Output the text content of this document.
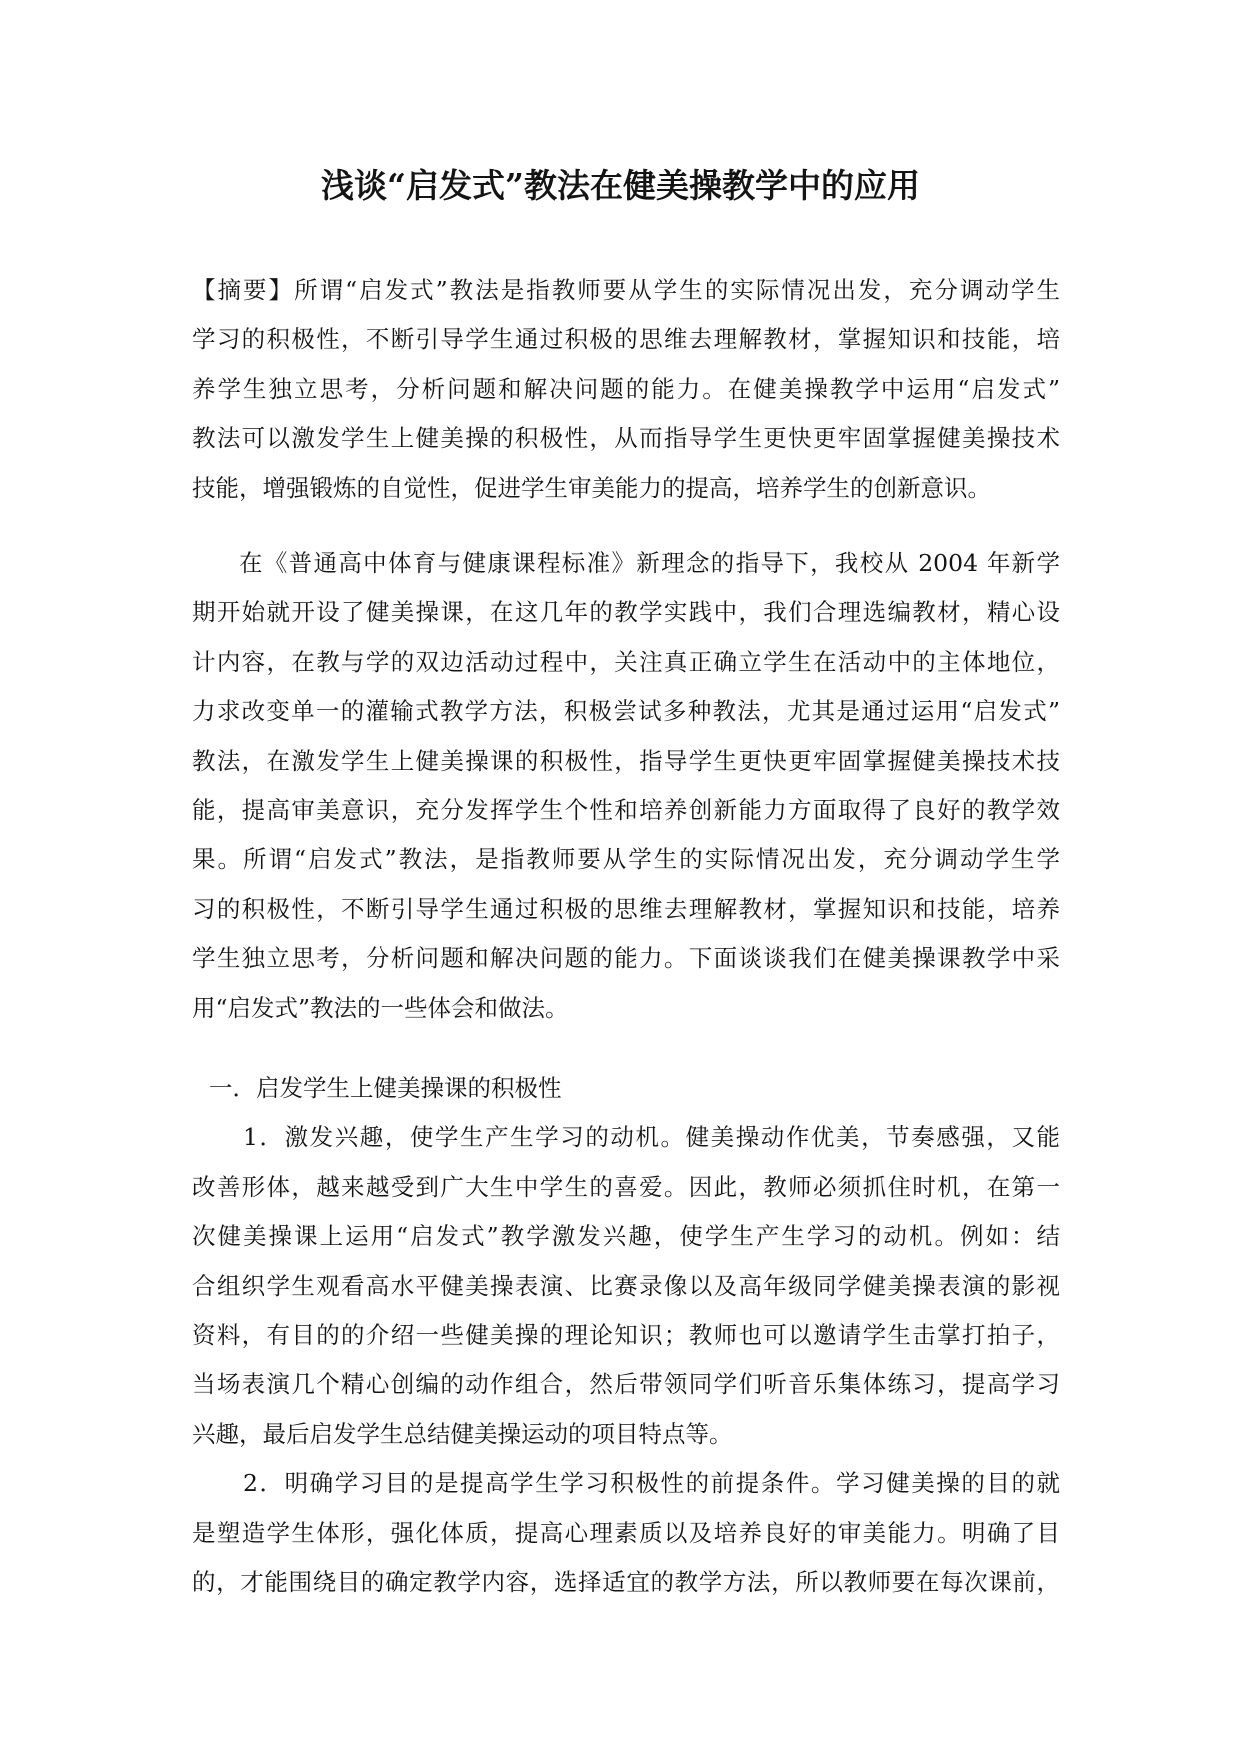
浅谈“启发式”教法在健美操教学中的应用
【摘要】所谓“启发式”教法是指教师要从学生的实际情况出发，充分调动学生
学习的积极性，不断引导学生通过积极的思维去理解教材，掌握知识和技能，培
养学生独立思考，分析问题和解决问题的能力。在健美操教学中运用“启发式”
教法可以激发学生上健美操的积极性，从而指导学生更快更牢固掌握健美操技术
技能，增强锻炼的自觉性，促进学生审美能力的提高，培养学生的创新意识。
在《普通高中体育与健康课程标准》新理念的指导下，我校从 2004 年新学
期开始就开设了健美操课，在这几年的教学实践中，我们合理选编教材，精心设
计内容，在教与学的双边活动过程中，关注真正确立学生在活动中的主体地位，
力求改变单一的灌输式教学方法，积极尝试多种教法，尤其是通过运用“启发式”
教法，在激发学生上健美操课的积极性，指导学生更快更牢固掌握健美操技术技
能，提高审美意识，充分发挥学生个性和培养创新能力方面取得了良好的教学效
果。所谓“启发式”教法，是指教师要从学生的实际情况出发，充分调动学生学
习的积极性，不断引导学生通过积极的思维去理解教材，掌握知识和技能，培养
学生独立思考，分析问题和解决问题的能力。下面谈谈我们在健美操课教学中采
用“启发式”教法的一些体会和做法。
一．启发学生上健美操课的积极性
1．激发兴趣，使学生产生学习的动机。健美操动作优美，节奏感强，又能
改善形体，越来越受到广大生中学生的喜爱。因此，教师必须抓住时机，在第一
次健美操课上运用“启发式”教学激发兴趣，使学生产生学习的动机。例如：结
合组织学生观看高水平健美操表演、比赛录像以及高年级同学健美操表演的影视
资料，有目的的介绍一些健美操的理论知识；教师也可以邀请学生击掌打拍子，
当场表演几个精心创编的动作组合，然后带领同学们听音乐集体练习，提高学习
兴趣，最后启发学生总结健美操运动的项目特点等。
2．明确学习目的是提高学生学习积极性的前提条件。学习健美操的目的就
是塑造学生体形，强化体质，提高心理素质以及培养良好的审美能力。明确了目
的，才能围绕目的确定教学内容，选择适宜的教学方法，所以教师要在每次课前，
